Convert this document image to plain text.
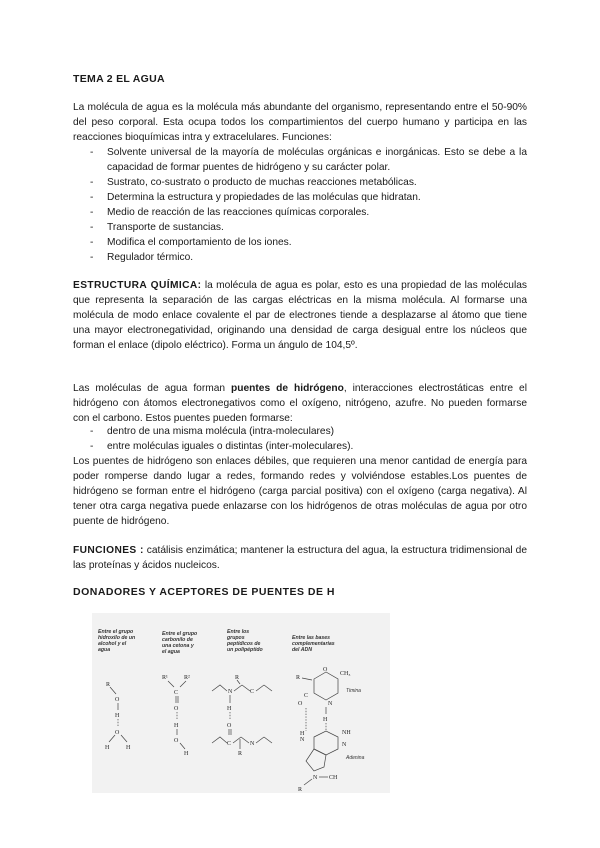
TEMA 2 EL AGUA

La molécula de agua es la molécula más abundante del organismo, representando entre el 50-90% del peso corporal. Esta ocupa todos los compartimientos del cuerpo humano y participa en las reacciones bioquímicas intra y extracelulares. Funciones:

- Solvente universal de la mayoría de moléculas orgánicas e inorgánicas. Esto se debe a la capacidad de formar puentes de hidrógeno y su carácter polar.
- Sustrato, co-sustrato o producto de muchas reacciones metabólicas.
- Determina la estructura y propiedades de las moléculas que hidratan.
- Medio de reacción de las reacciones químicas corporales.
- Transporte de sustancias.
- Modifica el comportamiento de los iones.
- Regulador térmico.

ESTRUCTURA QUÍMICA: la molécula de agua es polar, esto es una propiedad de las moléculas que representa la separación de las cargas eléctricas en la misma molécula. Al formarse una molécula de modo enlace covalente el par de electrones tiende a desplazarse al átomo que tiene una mayor electronegatividad, originando una densidad de carga desigual entre los núcleos que forman el enlace (dipolo eléctrico). Forma un ángulo de 104,5º.

Las moléculas de agua forman puentes de hidrógeno, interacciones electrostáticas entre el hidrógeno con átomos electronegativos como el oxígeno, nitrógeno, azufre. No pueden formarse con el carbono. Estos puentes pueden formarse:

- dentro de una misma molécula (intra-moleculares)
- entre moléculas iguales o distintas (inter-moleculares).

Los puentes de hidrógeno son enlaces débiles, que requieren una menor cantidad de energía para poder romperse dando lugar a redes, formando redes y volviéndose estables.Los puentes de hidrógeno se forman entre el hidrógeno (carga parcial positiva) con el oxígeno (carga negativa). Al tener otra carga negativa puede enlazarse con los hidrógenos de otras moléculas de agua por otro puente de hidrógeno.

FUNCIONES : catálisis enzimática; mantener la estructura del agua, la estructura tridimensional de las proteínas y ácidos nucleicos.

DONADORES Y ACEPTORES DE PUENTES DE H
Entre el grupo
hidroxilo de un
alcohol y el
agua
Entre el grupo
carbonilo de
una cetona y
el agua
Entre los
grupos
peptídicos de
un polipéptido
Entre las bases
complementarias
del ADN
R
O
H
O
H	H
R¹	R²
C
O
H
O
H
N
R
C
H
O
C
R
N
O
R
CH₃
C
O	N
Timina
H
H
N
NH
N
Adenina
N CH
R
